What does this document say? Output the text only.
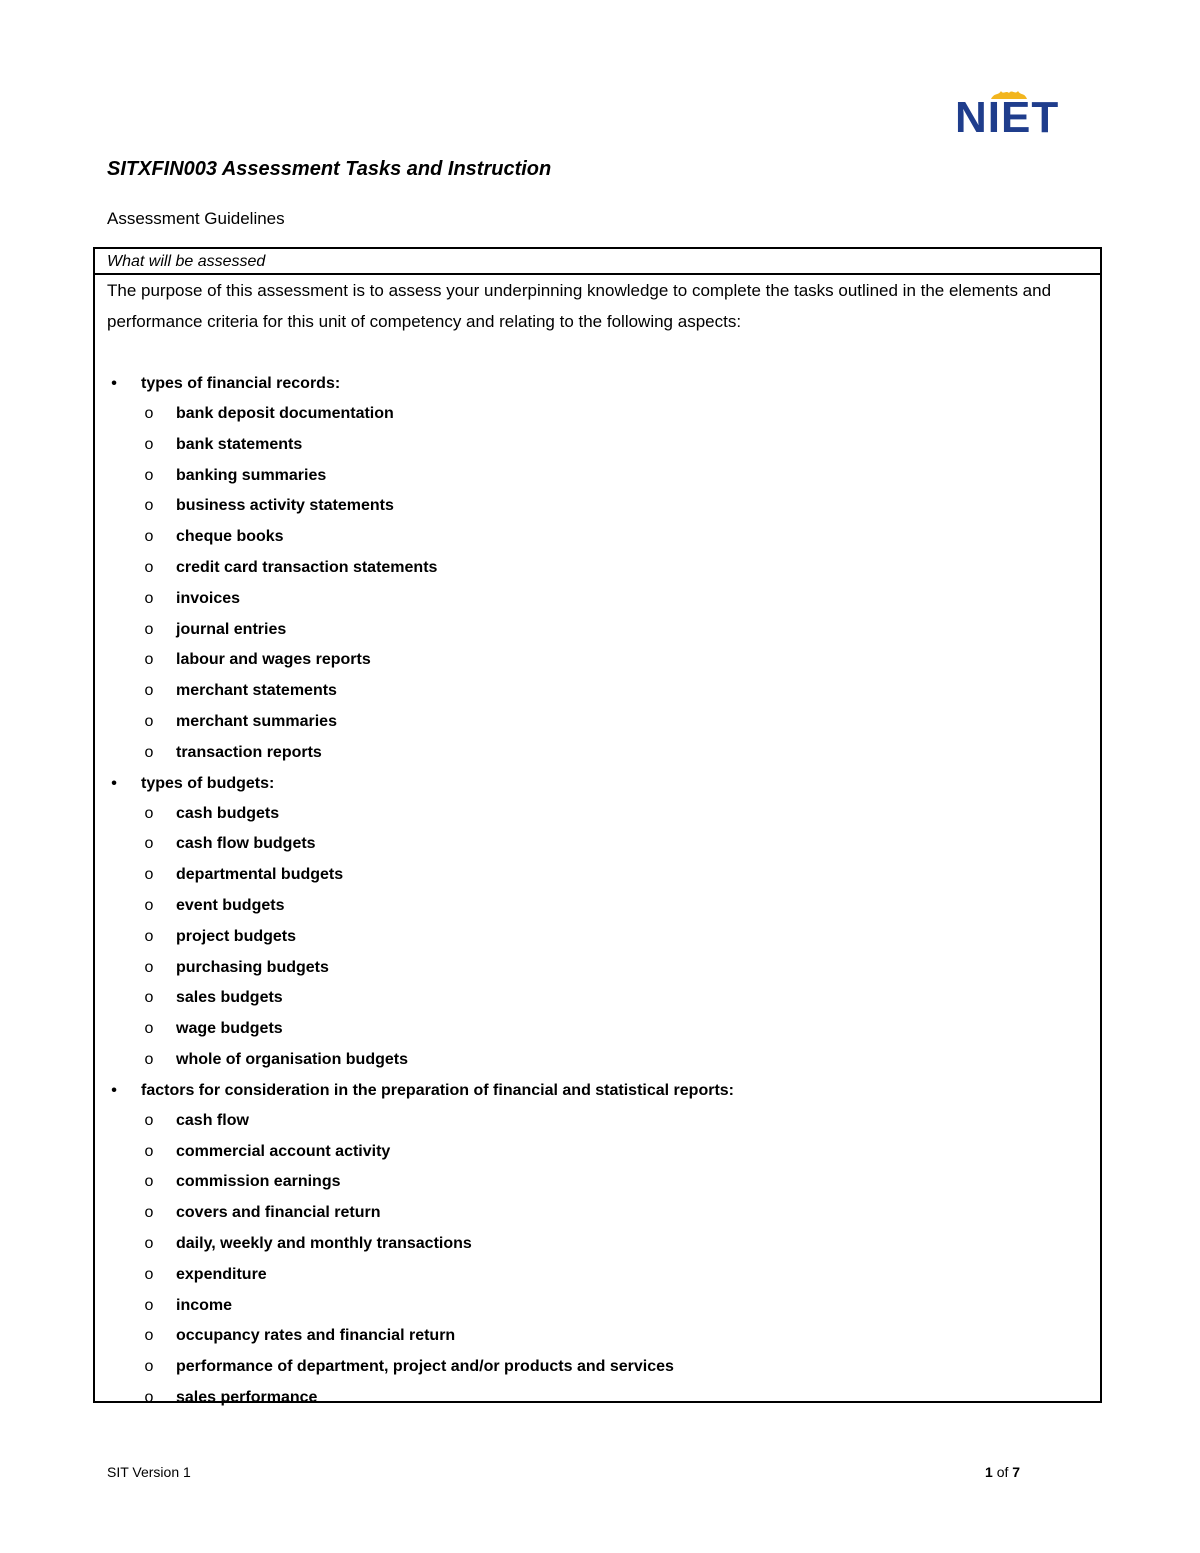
NIET
SITXFIN003 Assessment Tasks and Instruction

Assessment Guidelines

What will be assessed

The purpose of this assessment is to assess your underpinning knowledge to complete the tasks outlined in the elements and performance criteria for this unit of competency and relating to the following aspects:

• types of financial records:
o bank deposit documentation
o bank statements
o banking summaries
o business activity statements
o cheque books
o credit card transaction statements
o invoices
o journal entries
o labour and wages reports
o merchant statements
o merchant summaries
o transaction reports
• types of budgets:
o cash budgets
o cash flow budgets
o departmental budgets
o event budgets
o project budgets
o purchasing budgets
o sales budgets
o wage budgets
o whole of organisation budgets
• factors for consideration in the preparation of financial and statistical reports:
o cash flow
o commercial account activity
o commission earnings
o covers and financial return
o daily, weekly and monthly transactions
o expenditure
o income
o occupancy rates and financial return
o performance of department, project and/or products and services
o sales performance
SIT Version 1	1 of 7
